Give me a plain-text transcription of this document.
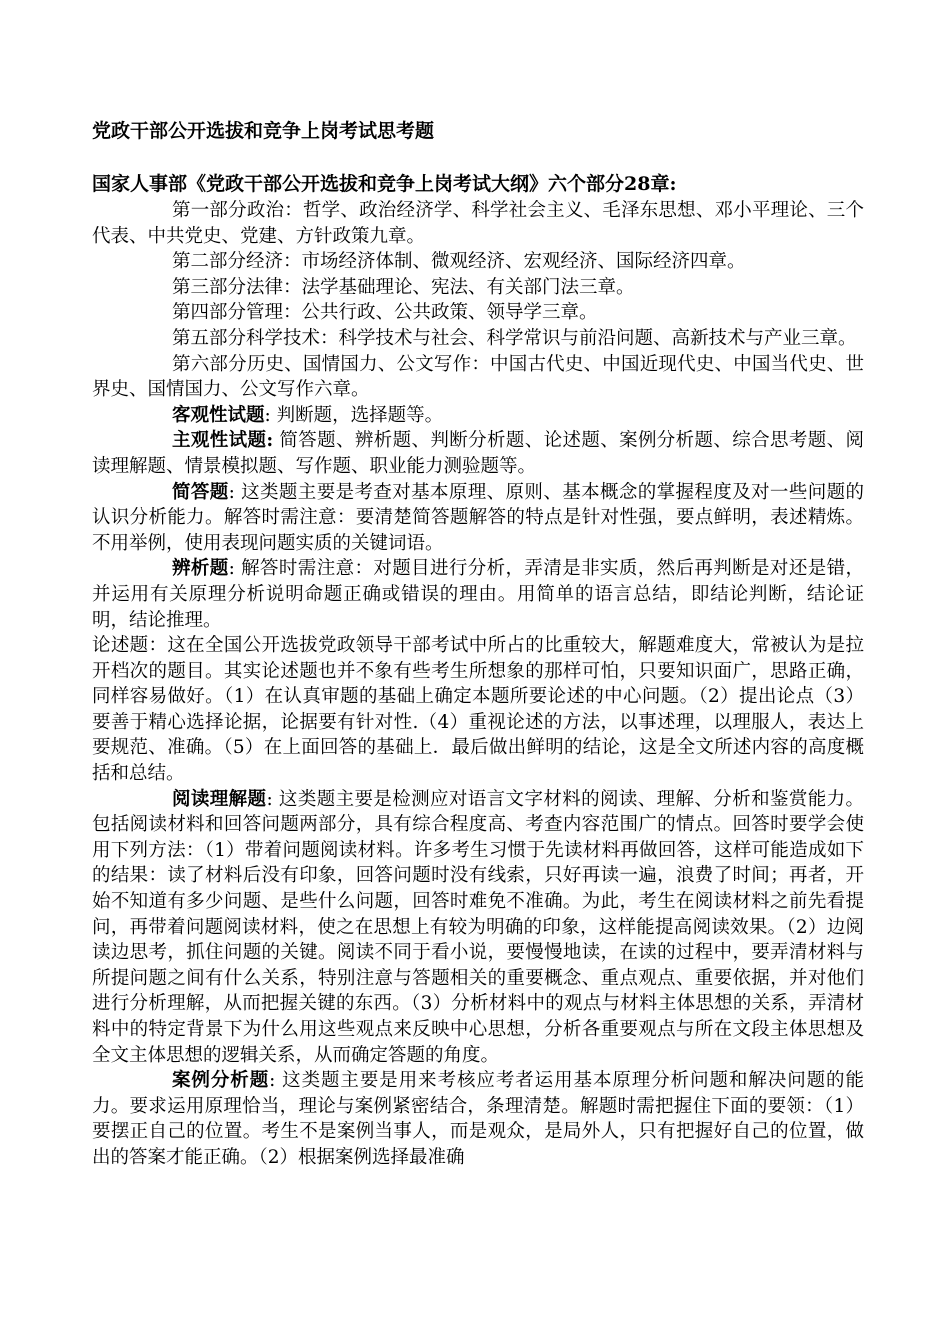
党政干部公开选拔和竞争上岗考试思考题
国家人事部《党政干部公开选拔和竞争上岗考试大纲》六个部分28章:

第一部分政治：哲学、政治经济学、科学社会主义、毛泽东思想、邓小平理论、三个代表、中共党史、党建、方针政策九章。

第二部分经济：市场经济体制、微观经济、宏观经济、国际经济四章。

第三部分法律：法学基础理论、宪法、有关部门法三章。

第四部分管理：公共行政、公共政策、领导学三章。

第五部分科学技术：科学技术与社会、科学常识与前沿问题、高新技术与产业三章。

第六部分历史、国情国力、公文写作：中国古代史、中国近现代史、中国当代史、世界史、国情国力、公文写作六章。

客观性试题: 判断题，选择题等。

主观性试题: 简答题、辨析题、判断分析题、论述题、案例分析题、综合思考题、阅读理解题、情景模拟题、写作题、职业能力测验题等。

简答题: 这类题主要是考查对基本原理、原则、基本概念的掌握程度及对一些问题的认识分析能力。解答时需注意：要清楚简答题解答的特点是针对性强，要点鲜明，表述精炼。不用举例，使用表现问题实质的关键词语。

辨析题: 解答时需注意：对题目进行分析，弄清是非实质，然后再判断是对还是错，并运用有关原理分析说明命题正确或错误的理由。用简单的语言总结，即结论判断，结论证明，结论推理。

论述题：这在全国公开选拔党政领导干部考试中所占的比重较大，解题难度大，常被认为是拉开档次的题目。其实论述题也并不象有些考生所想象的那样可怕，只要知识面广，思路正确，同样容易做好。（1）在认真审题的基础上确定本题所要论述的中心问题。（2）提出论点（3）要善于精心选择论据，论据要有针对性.（4）重视论述的方法，以事述理，以理服人，表达上要规范、准确。（5）在上面回答的基础上．最后做出鲜明的结论，这是全文所述内容的高度概括和总结。

阅读理解题: 这类题主要是检测应对语言文字材料的阅读、理解、分析和鉴赏能力。包括阅读材料和回答问题两部分，具有综合程度高、考查内容范围广的情点。回答时要学会使用下列方法：（1）带着问题阅读材料。许多考生习惯于先读材料再做回答，这样可能造成如下的结果：读了材料后没有印象，回答问题时没有线索，只好再读一遍，浪费了时间；再者，开始不知道有多少问题、是些什么问题，回答时难免不准确。为此，考生在阅读材料之前先看提问，再带着问题阅读材料，使之在思想上有较为明确的印象，这样能提高阅读效果。（2）边阅读边思考，抓住问题的关键。阅读不同于看小说，要慢慢地读，在读的过程中，要弄清材料与所提问题之间有什么关系，特别注意与答题相关的重要概念、重点观点、重要依据，并对他们进行分析理解，从而把握关键的东西。（3）分析材料中的观点与材料主体思想的关系，弄清材料中的特定背景下为什么用这些观点来反映中心思想，分析各重要观点与所在文段主体思想及全文主体思想的逻辑关系，从而确定答题的角度。

案例分析题: 这类题主要是用来考核应考者运用基本原理分析问题和解决问题的能力。要求运用原理恰当，理论与案例紧密结合，条理清楚。解题时需把握住下面的要领：（1）要摆正自己的位置。考生不是案例当事人，而是观众，是局外人，只有把握好自己的位置，做出的答案才能正确。（2）根据案例选择最准确
